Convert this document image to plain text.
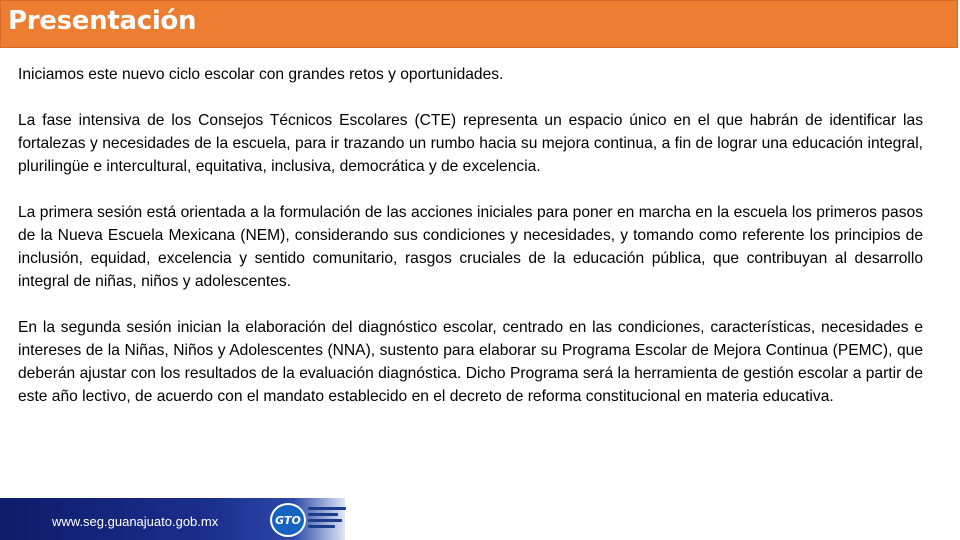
Presentación

Iniciamos este nuevo ciclo escolar con grandes retos y oportunidades.

La fase intensiva de los Consejos Técnicos Escolares (CTE) representa un espacio único en el que habrán de identificar las fortalezas y necesidades de la escuela, para ir trazando un rumbo hacia su mejora continua, a fin de lograr una educación integral, plurilingüe e intercultural, equitativa, inclusiva, democrática y de excelencia.

La primera sesión está orientada a la formulación de las acciones iniciales para poner en marcha en la escuela los primeros pasos de la Nueva Escuela Mexicana (NEM), considerando sus condiciones y necesidades, y tomando como referente los principios de inclusión, equidad, excelencia y sentido comunitario, rasgos cruciales de la educación pública, que contribuyan al desarrollo integral de niñas, niños y adolescentes.

En la segunda sesión inician la elaboración del diagnóstico escolar, centrado en las condiciones, características, necesidades e intereses de la Niñas, Niños y Adolescentes (NNA), sustento para elaborar su Programa Escolar de Mejora Continua (PEMC), que deberán ajustar con los resultados de la evaluación diagnóstica. Dicho Programa será la herramienta de gestión escolar a partir de este año lectivo, de acuerdo con el mandato establecido en el decreto de reforma constitucional en materia educativa.

www.seg.guanajuato.gob.mx	GTO
